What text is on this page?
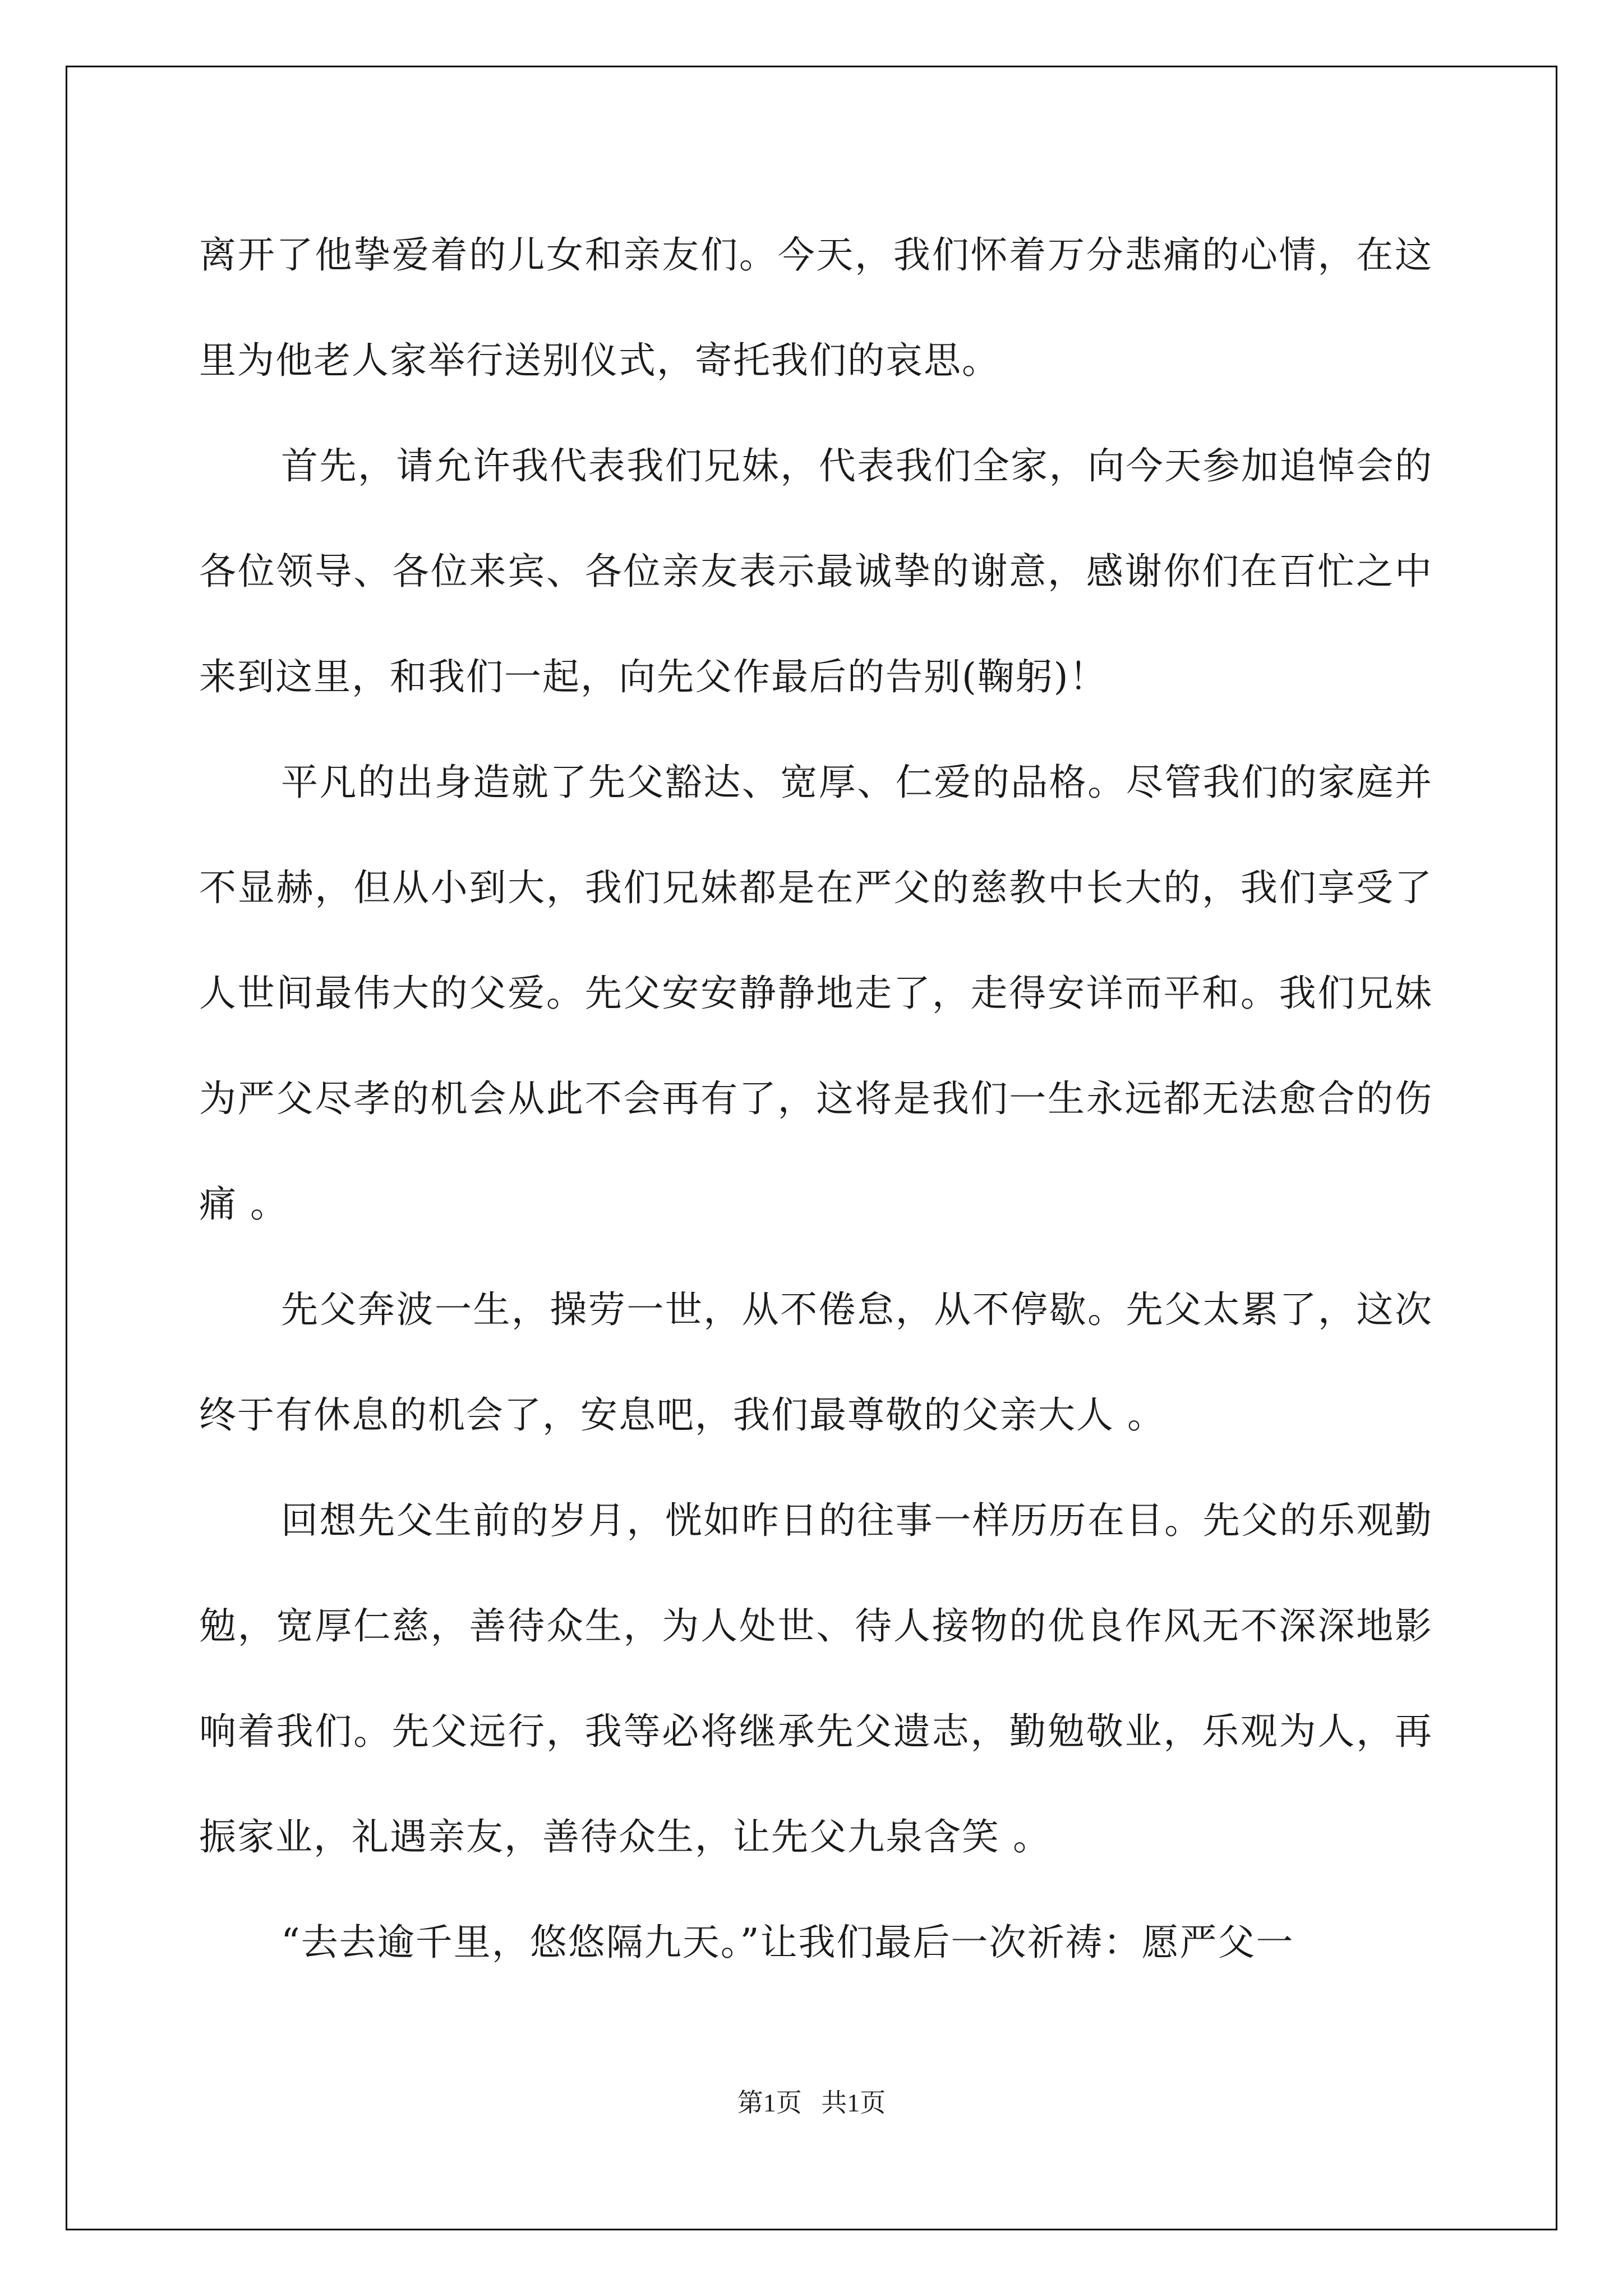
离开了他挚爱着的儿女和亲友们。今天，我们怀着万分悲痛的心情，在这里为他老人家举行送别仪式，寄托我们的哀思。

首先，请允许我代表我们兄妹，代表我们全家，向今天参加追悼会的各位领导、各位来宾、各位亲友表示最诚挚的谢意，感谢你们在百忙之中来到这里，和我们一起，向先父作最后的告别(鞠躬)！

平凡的出身造就了先父豁达、宽厚、仁爱的品格。尽管我们的家庭并不显赫，但从小到大，我们兄妹都是在严父的慈教中长大的，我们享受了人世间最伟大的父爱。先父安安静静地走了，走得安详而平和。我们兄妹为严父尽孝的机会从此不会再有了，这将是我们一生永远都无法愈合的伤痛 。

先父奔波一生，操劳一世，从不倦怠，从不停歇。先父太累了，这次终于有休息的机会了，安息吧，我们最尊敬的父亲大人 。

回想先父生前的岁月，恍如昨日的往事一样历历在目。先父的乐观勤勉，宽厚仁慈，善待众生，为人处世、待人接物的优良作风无不深深地影响着我们。先父远行，我等必将继承先父遗志，勤勉敬业，乐观为人，再振家业，礼遇亲友，善待众生，让先父九泉含笑 。

“去去逾千里，悠悠隔九天。”让我们最后一次祈祷：愿严父一

第1页   共1页
